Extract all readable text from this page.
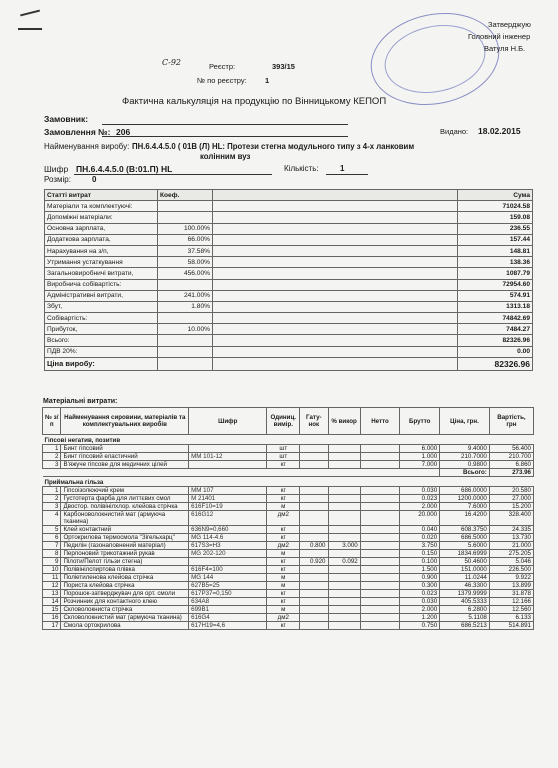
Затверджую
Головний інженер
Ватуля Н.Б.
С-92	Реєстр:	393/15
№ по реєстру: 1
Фактична калькуляція на продукцію по Вінницькому КЕПОП
Замовник:
Замовлення №: 206	Видано: 18.02.2015
Найменування виробу: ПН.6.4.4.5.0 ( 01В (Л) HL: Протези стегна модульного типу з 4-х ланковим
колінним вуз
Шифр ПН.6.4.4.5.0 (В:01.П) HL	Кількість:	1
Розмір:	0
Статті витрат	Коеф.		Сума
Матеріали та комплектуючі:			71024.58
Допоміжні матеріали:			159.08
Основна зарплата,	100.00%		236.55
Додаткова зарплата,	66.00%		157.44
Нарахування на з/п,	37.58%		148.81
Утримання устаткування	58.00%		138.36
Загальновиробничі витрати,	456.00%		1087.79
Виробнича собівартість:			72954.60
Адміністративні витрати,	241.00%		574.91
Збут,	1.80%		1313.18
Собівартість:			74842.69
Прибуток,	10.00%		7484.27
Всього:			82326.96
ПДВ 20%:			0.00
Ціна виробу:			82326.96
Матеріальні витрати:
№ з/п	Найменування сировини, матеріалів та комплектувальних виробів	Шифр	Одиниц. вимір.	Гату-нок	% викор	Нетто	Брутто	Ціна, грн.	Вартість, грн
Гіпсові негатив, позитив									
1	Бинт гіпсовий		шт				6.000	9.4000	56.400
2	Бинт гіпсовий еластичний	ММ 101-12	шт				1.000	210.7000	210.700
3	В'яжуче гіпсове для медичних цілей		кг				7.000	0.9800	6.860
								Всього:	273.96
Приймальна гільза									
1	Гіпсоізолюючий крем	ММ 107	кг				0.030	686.0000	20.580
2	Густотерта фарба для литтєвих смол	М 21401	кг				0.023	1200.0000	27.000
3	Двостор. полівінілхлор. клейова стрічка	616F10=19	м				2.000	7.6000	15.200
4	Карбоноволокнистий мат (армуюча тканина)	616G12	дм2				20.000	16.4200	328.400
5	Клей контактний	636N9=0,660	кг				0.040	608.3750	24.335
6	Ортокрилова термосмола "Зігельхарц"	MG 114-4.6	кг				0.020	686.5000	13.730
7	Педилін (газонаповнений матеріал)	617S3=H3	дм2	0.800	3.000		3.750	5.6000	21.000
8	Перлоновий трикотажний рукав	MG 202-120	м				0.150	1834.6999	275.205
9	Пілоти/Пелот гільзи стегна)		кг	0.920	0.092		0.100	50.4600	5.046
10	Полівінілспиртова плівка	616F4=100	кг				1.500	151.0000	226.500
11	Поліетиленова клейова стрічка	MG 144	м				0.900	11.0244	9.922
12	Пориста клейова стрічка	627B5=25	м				0.300	46.3300	13.899
13	Порошок-затверджувач для орт. смоли	617P37=0,150	кг				0.023	1379.9999	31.878
14	Розчинник для контактного клею	634A8	кг				0.030	405.5333	12.166
15	Скловолокниста стрічка	699B1	м				2.000	6.2800	12.560
16	Скловолокнистий мат (армуюча тканина)	616G4	дм2				1.200	5.1108	6.133
17	Смола ортокрилова	617H19=4,6	кг				0.750	686.5213	514.891
